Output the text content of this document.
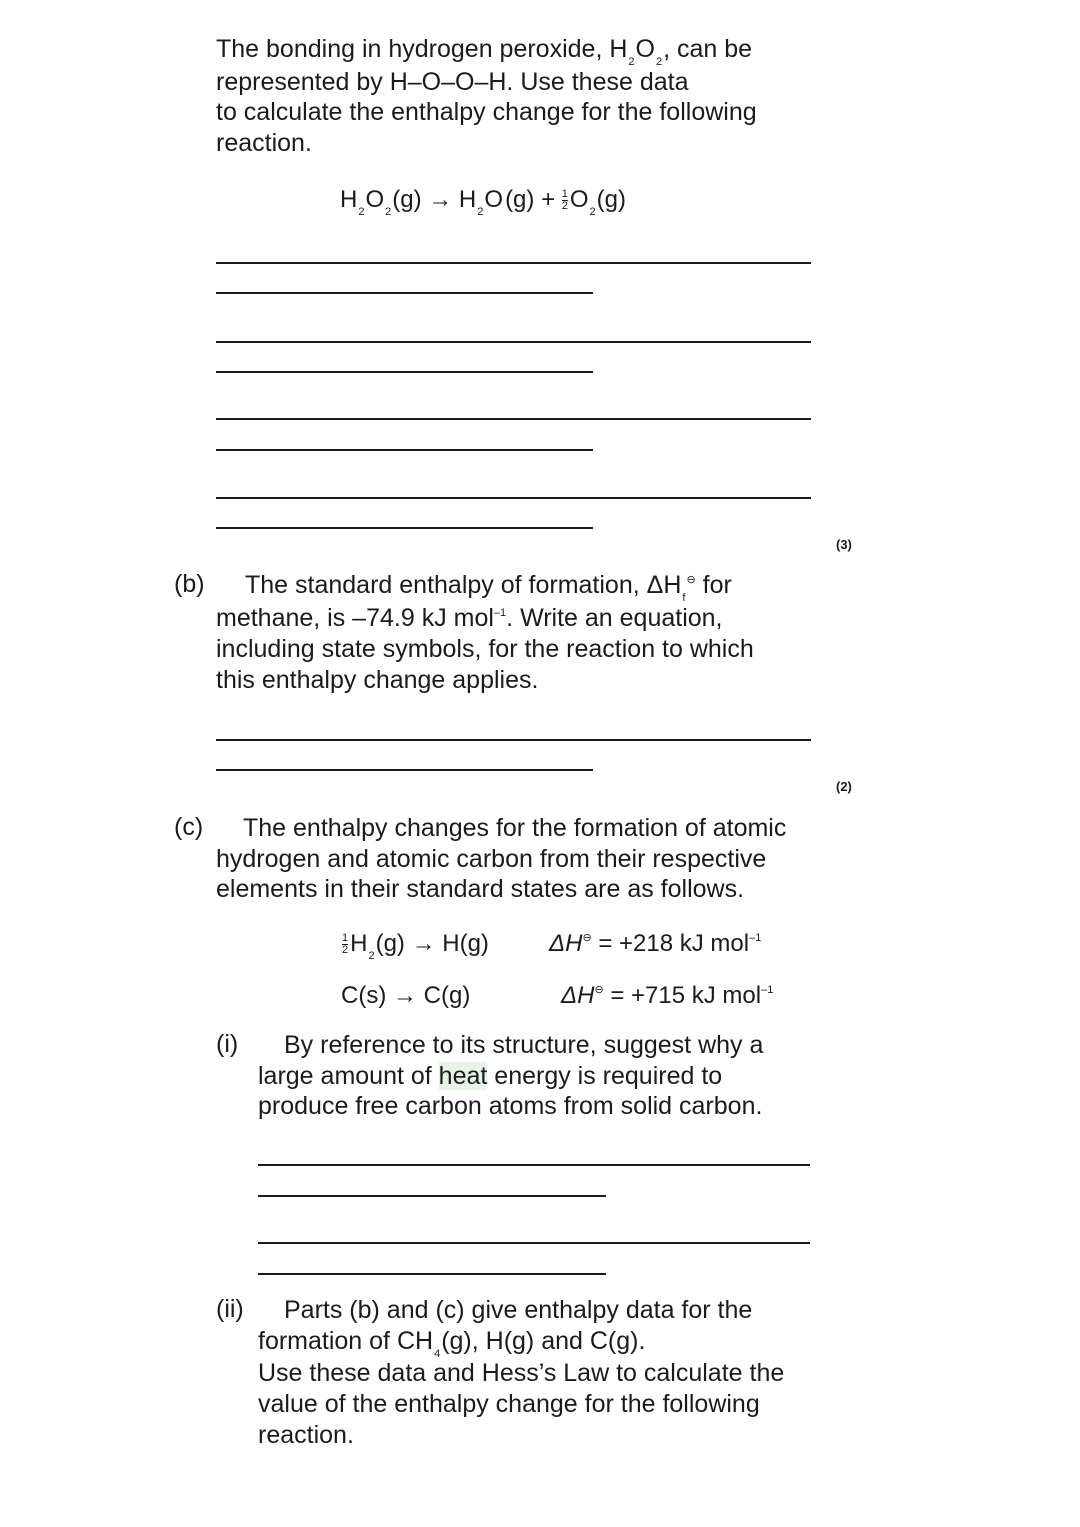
The bonding in hydrogen peroxide, $H_2O_2$, can be
represented by H–O–O–H. Use these data
to calculate the enthalpy change for the following
reaction.
$H_2O_2(g) \to H_2O(g) + \frac{1}{2} O_2(g)$
(3)
(b) The standard enthalpy of formation, $\Delta H_f^⊖$ for
methane, is –74.9 kJ mol$^{-1}$. Write an equation,
including state symbols, for the reaction to which
this enthalpy change applies.
(2)
(c) The enthalpy changes for the formation of atomic
hydrogen and atomic carbon from their respective
elements in their standard states are as follows.
$\frac{1}{2} H_2(g) \to H(g)$	ΔH⊖ = +218 kJ mol$^{-1}$
C(s) → C(g)	ΔH⊖ = +715 kJ mol$^{-1}$
(i) By reference to its structure, suggest why a
large amount of heat energy is required to
produce free carbon atoms from solid carbon.
(ii) Parts (b) and (c) give enthalpy data for the
formation of $CH_4(g)$, H(g) and C(g).
Use these data and Hess’s Law to calculate the
value of the enthalpy change for the following
reaction.
